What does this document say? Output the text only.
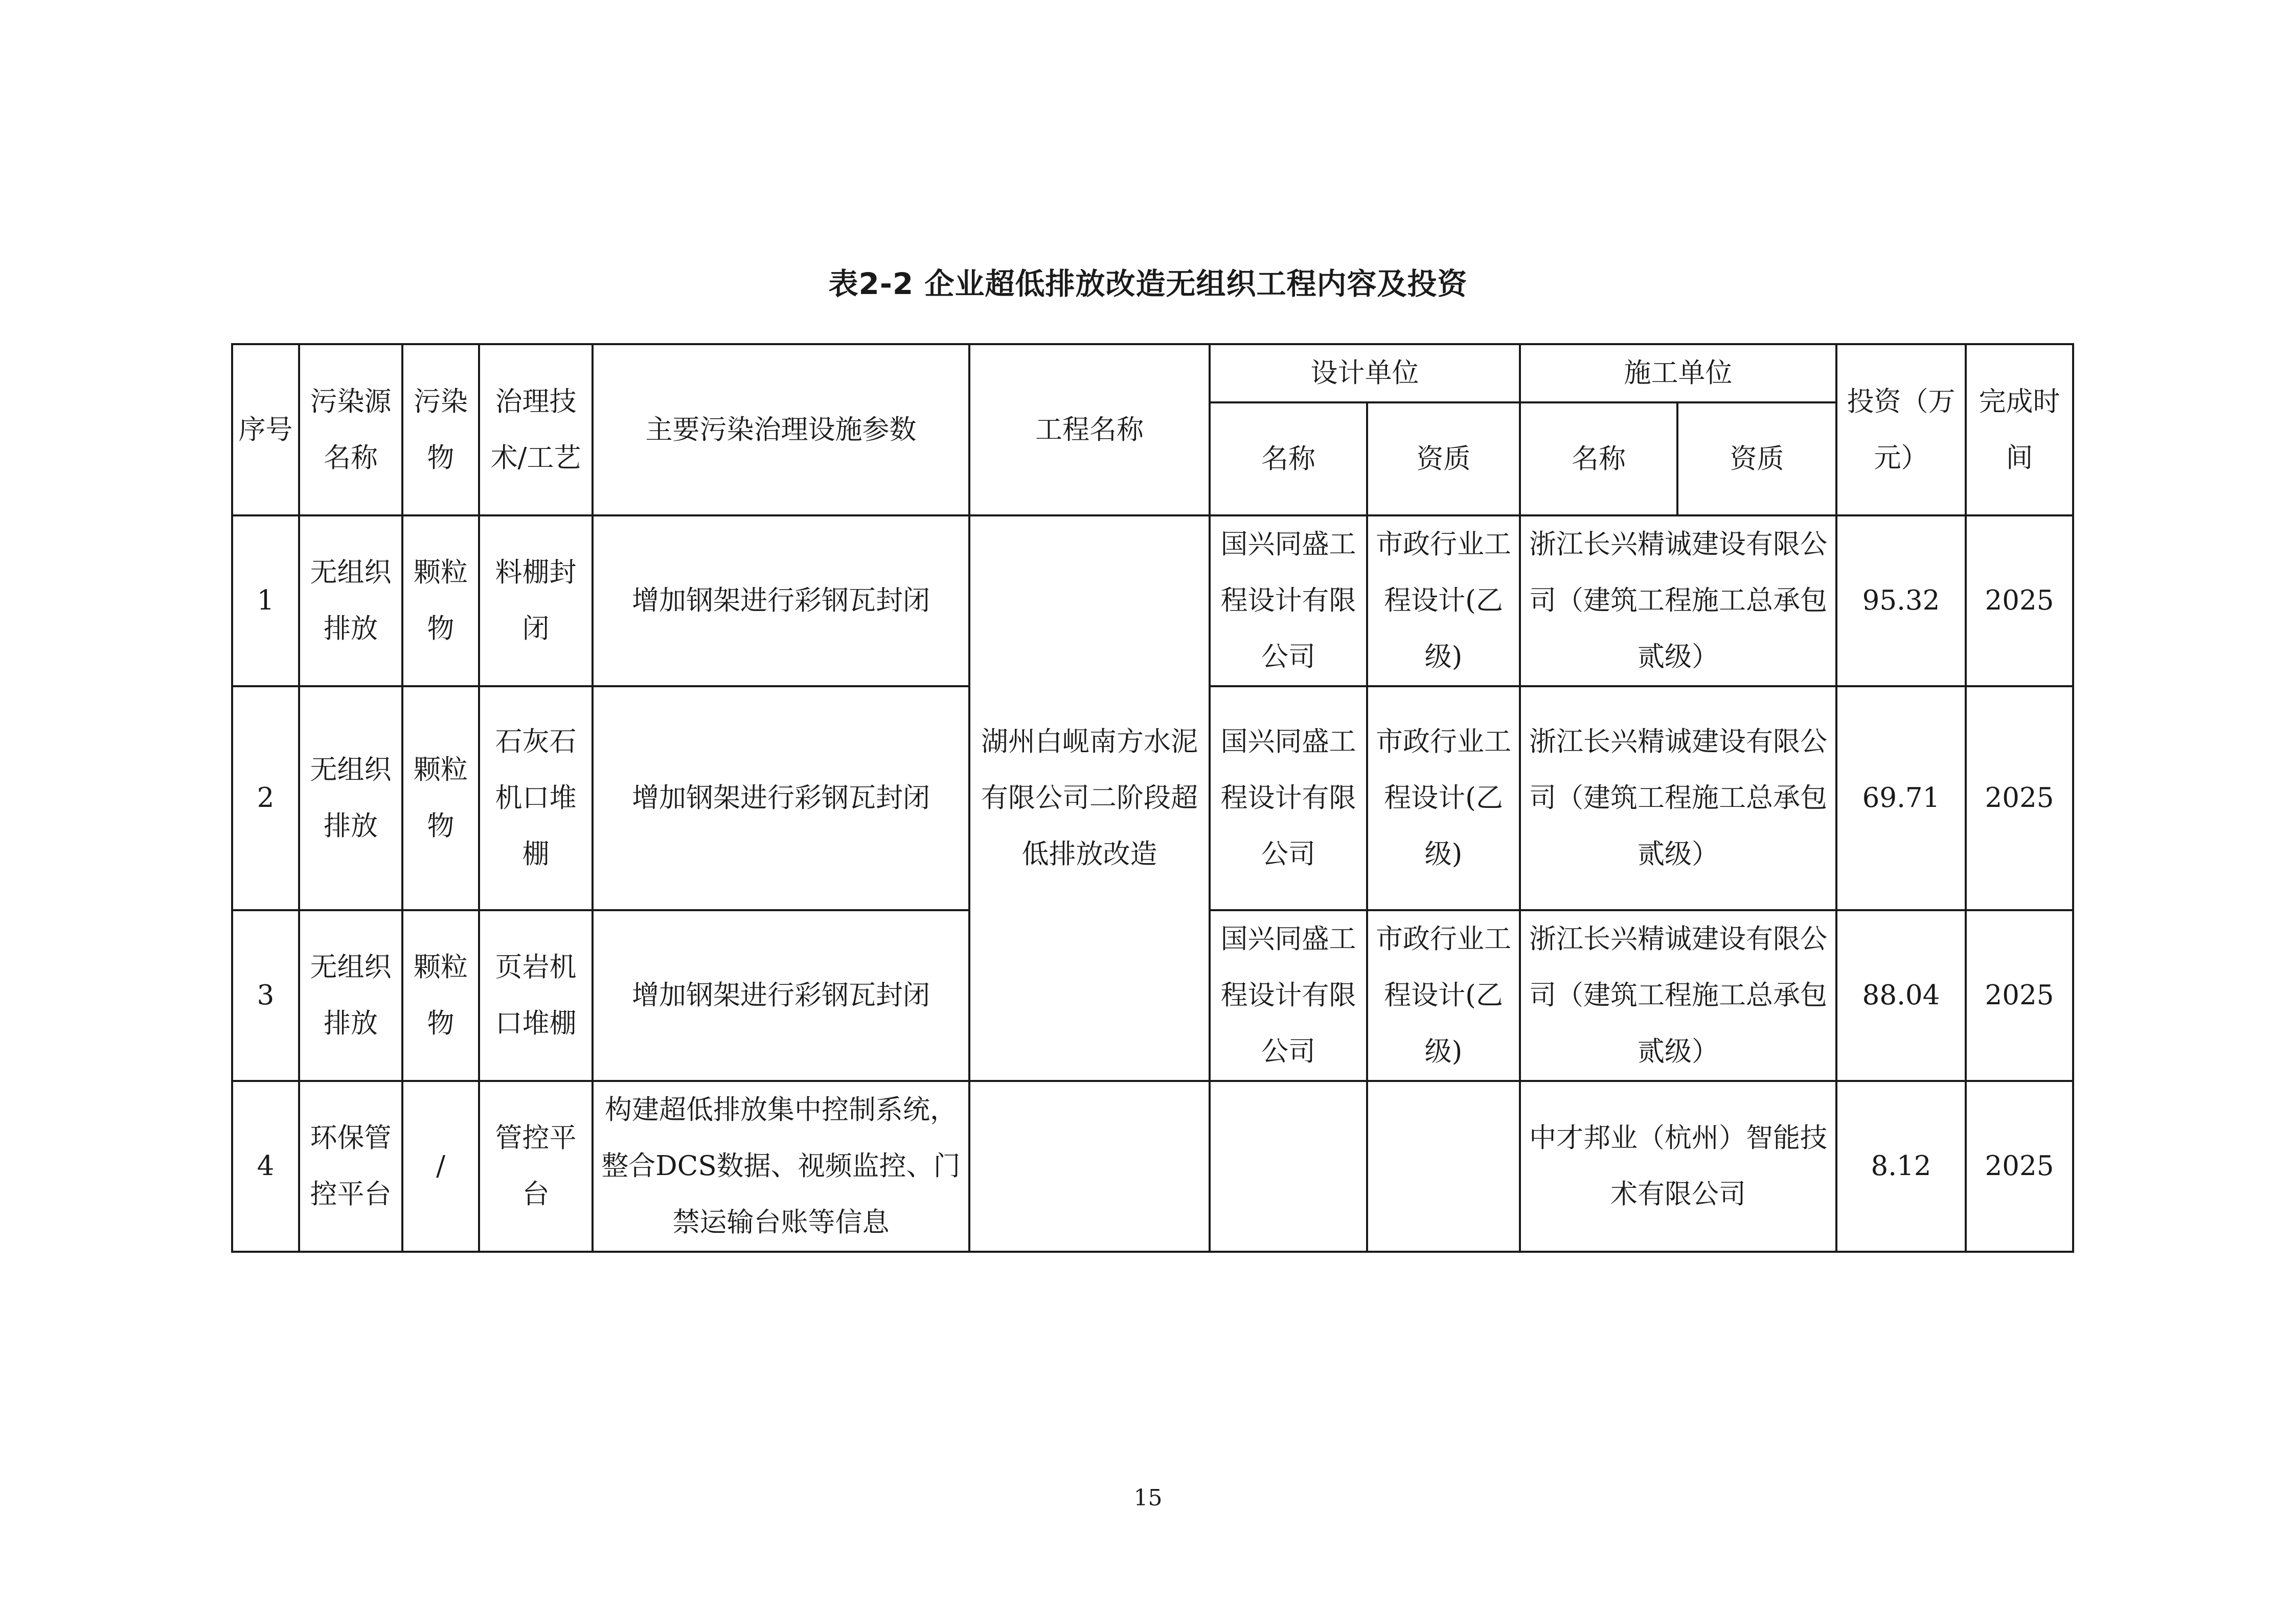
表2-2 企业超低排放改造无组织工程内容及投资
序号	污染源名称	污染物	治理技术/工艺	主要污染治理设施参数	工程名称	设计单位		施工单位		投资（万元）	完成时间
						名称	资质	名称	资质		
1	无组织排放	颗粒物	料棚封闭	增加钢架进行彩钢瓦封闭	湖州白岘南方水泥有限公司二阶段超低排放改造	国兴同盛工程设计有限公司	市政行业工程设计(乙级)	浙江长兴精诚建设有限公司（建筑工程施工总承包贰级）		95.32	2025
2	无组织排放	颗粒物	石灰石机口堆棚	增加钢架进行彩钢瓦封闭		国兴同盛工程设计有限公司	市政行业工程设计(乙级)	浙江长兴精诚建设有限公司（建筑工程施工总承包贰级）		69.71	2025
3	无组织排放	颗粒物	页岩机口堆棚	增加钢架进行彩钢瓦封闭		国兴同盛工程设计有限公司	市政行业工程设计(乙级)	浙江长兴精诚建设有限公司（建筑工程施工总承包贰级）		88.04	2025
4	环保管控平台	/	管控平台	构建超低排放集中控制系统，整合DCS数据、视频监控、门禁运输台账等信息				中才邦业（杭州）智能技术有限公司		8.12	2025
15
